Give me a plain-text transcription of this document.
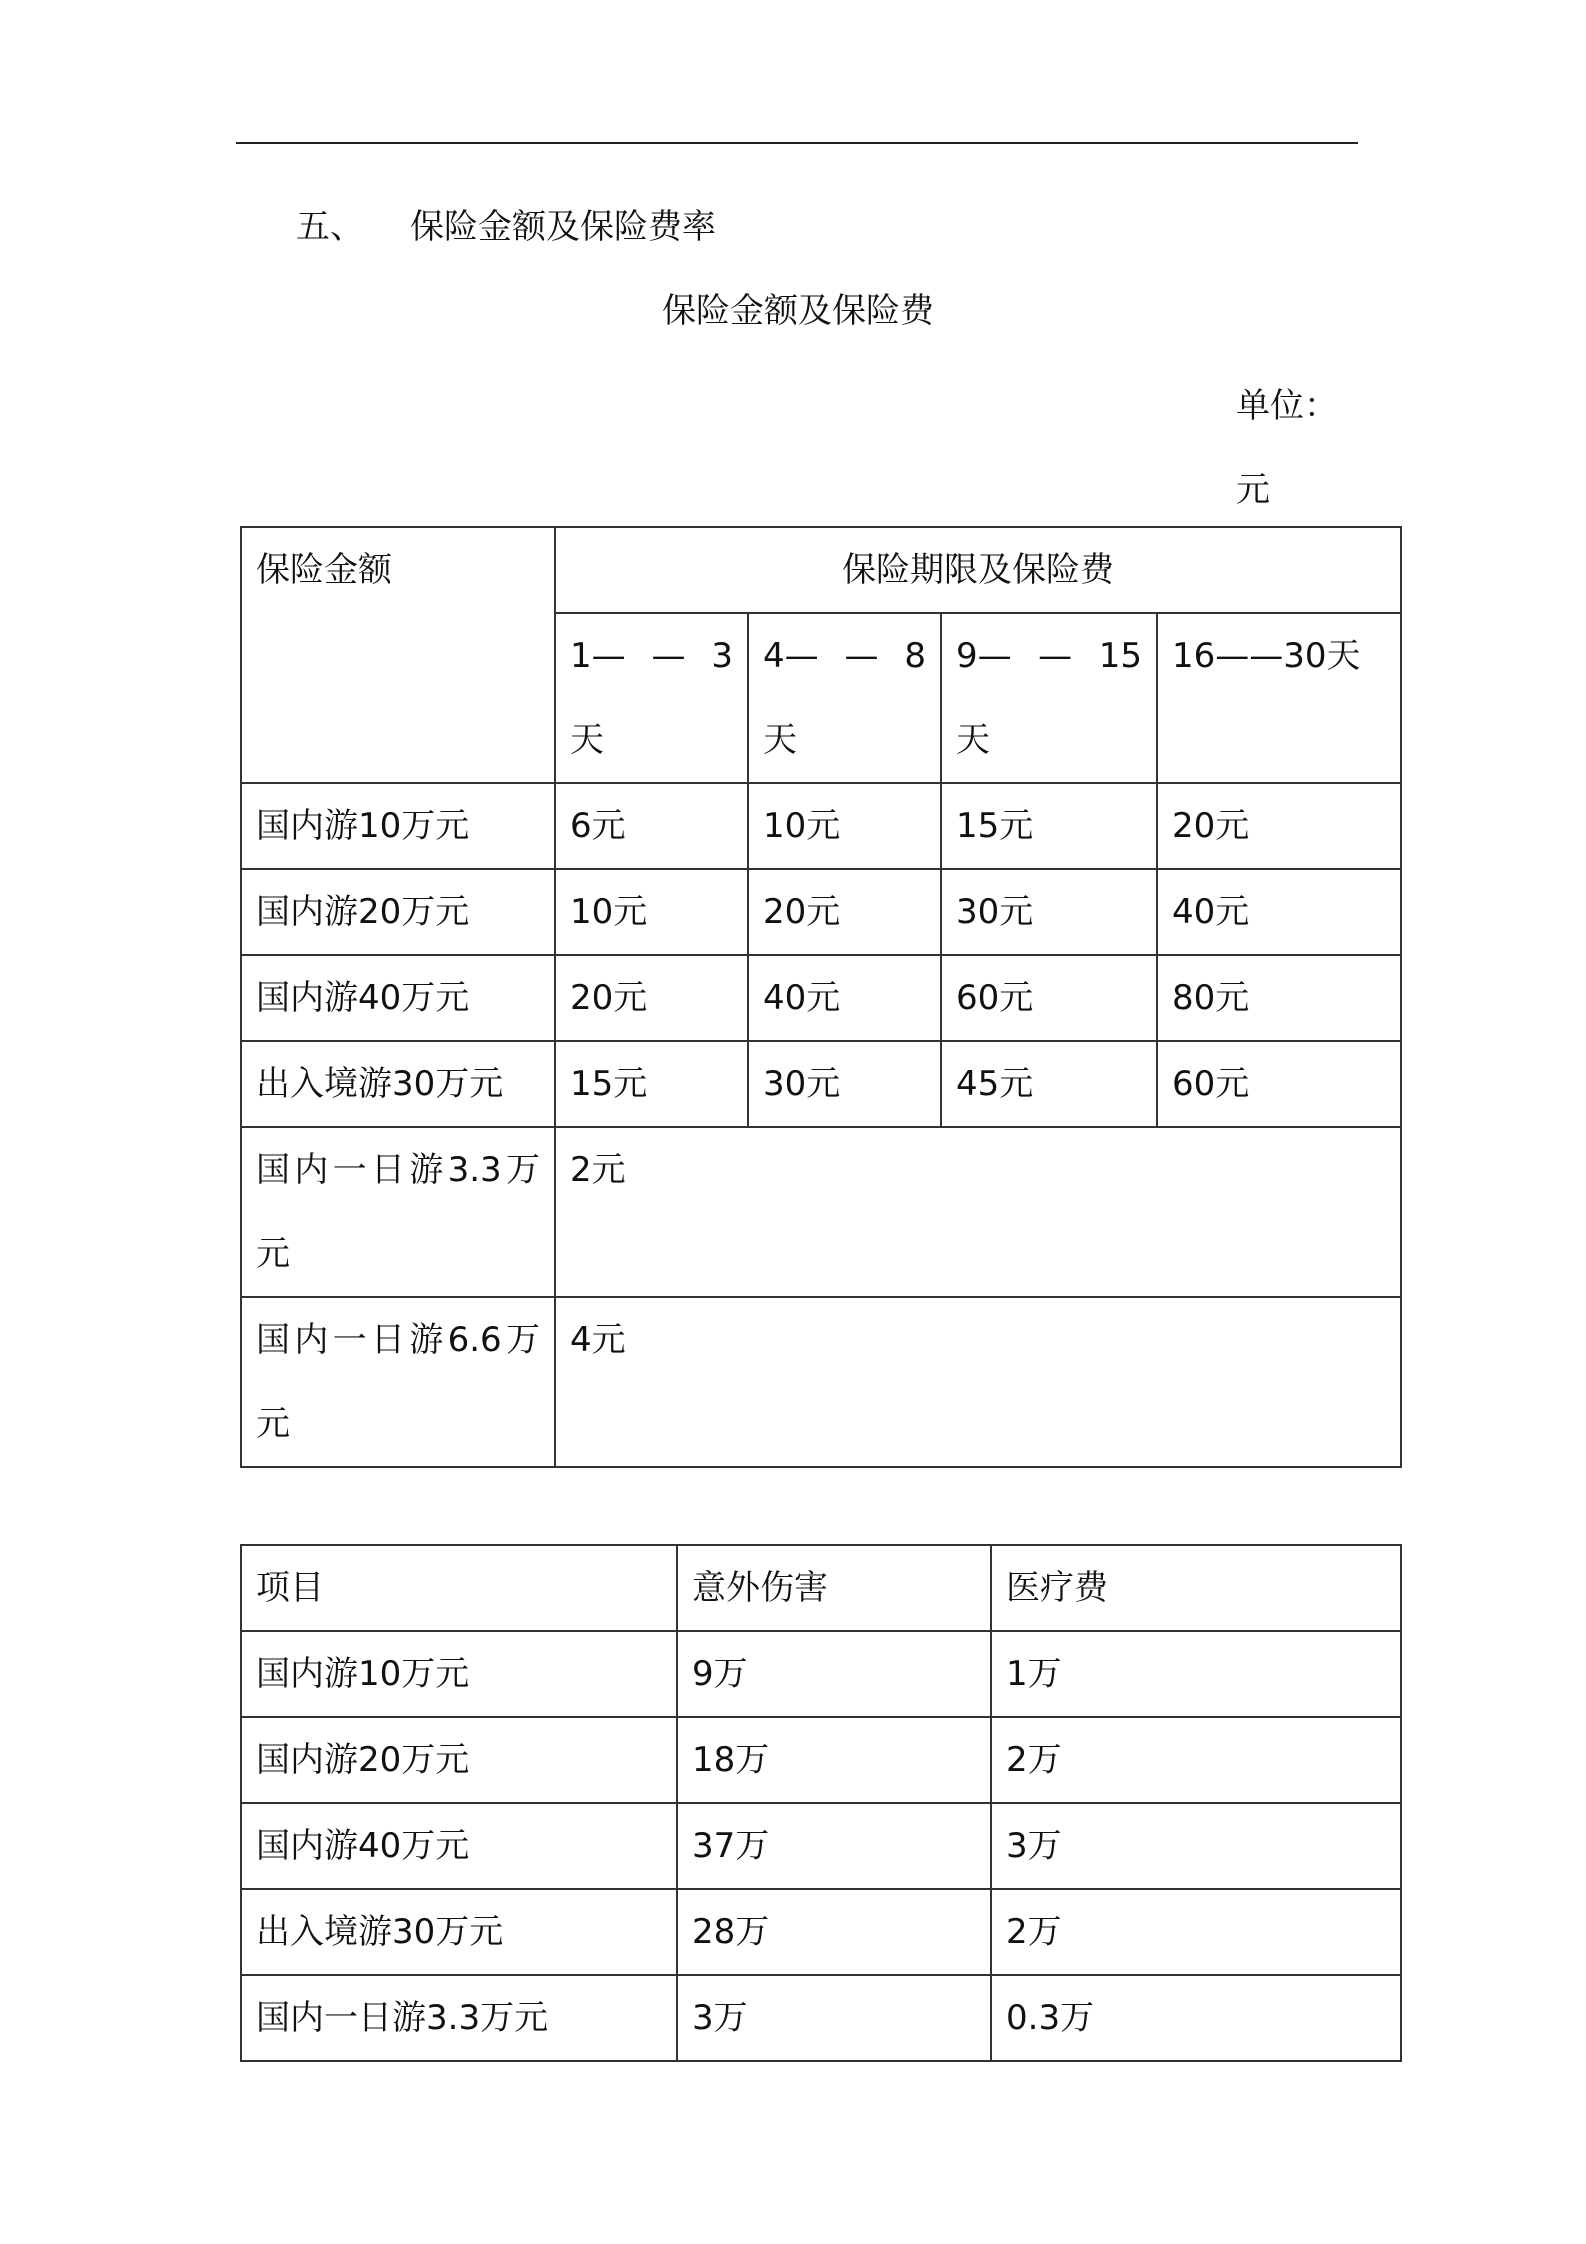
五、 保险金额及保险费率
保险金额及保险费
单位：元
保险金额	保险期限及保险费			
	1— — 3天	4— — 8天	9— — 15天	16——30天
国内游10万元	6元	10元	15元	20元
国内游20万元	10元	20元	30元	40元
国内游40万元	20元	40元	60元	80元
出入境游30万元	15元	30元	45元	60元
国内一日游3.3万元	2元			
国内一日游6.6万元	4元			
项目	意外伤害	医疗费
国内游10万元	9万	1万
国内游20万元	18万	2万
国内游40万元	37万	3万
出入境游30万元	28万	2万
国内一日游3.3万元	3万	0.3万
